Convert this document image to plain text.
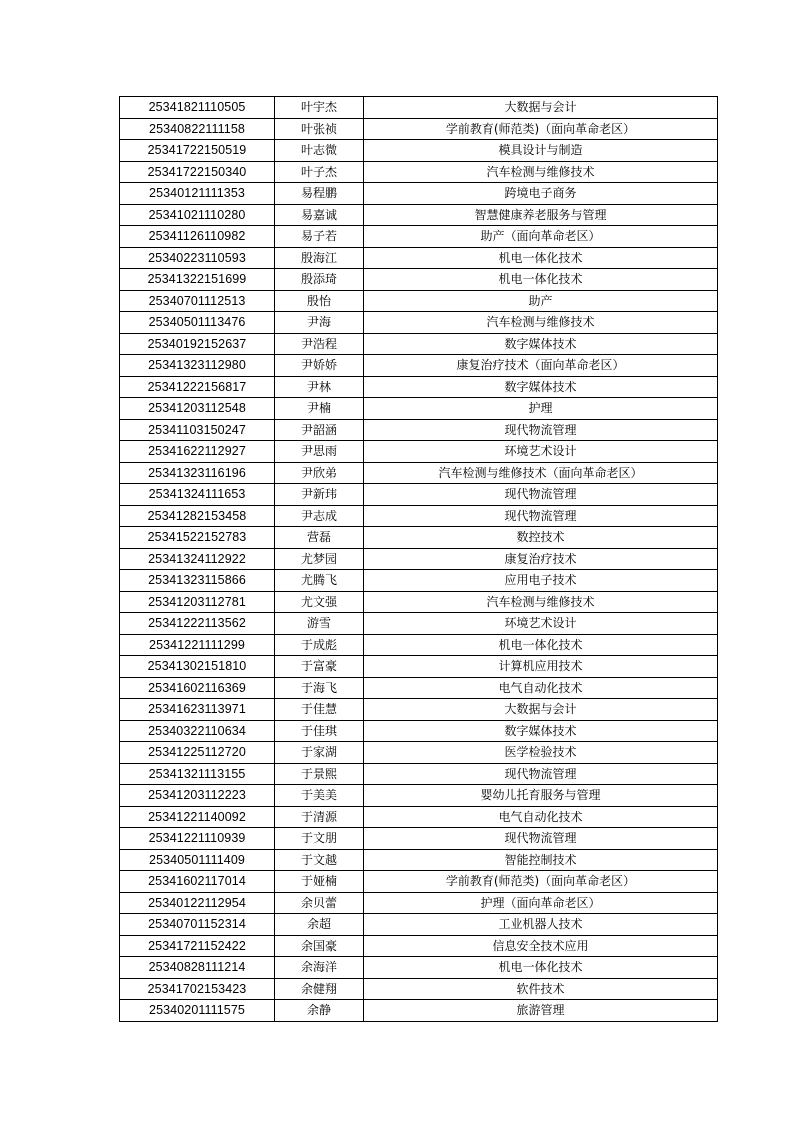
25341821110505	叶宇杰	大数据与会计
25340822111158	叶张祯	学前教育(师范类)（面向革命老区）
25341722150519	叶志微	模具设计与制造
25341722150340	叶子杰	汽车检测与维修技术
25340121111353	易程鹏	跨境电子商务
25341021110280	易嘉诚	智慧健康养老服务与管理
25341126110982	易子若	助产（面向革命老区）
25340223110593	殷海江	机电一体化技术
25341322151699	殷添琦	机电一体化技术
25340701112513	殷怡	助产
25340501113476	尹海	汽车检测与维修技术
25340192152637	尹浩程	数字媒体技术
25341323112980	尹娇娇	康复治疗技术（面向革命老区）
25341222156817	尹林	数字媒体技术
25341203112548	尹楠	护理
25341103150247	尹韶涵	现代物流管理
25341622112927	尹思雨	环境艺术设计
25341323116196	尹欣弟	汽车检测与维修技术（面向革命老区）
25341324111653	尹新玮	现代物流管理
25341282153458	尹志成	现代物流管理
25341522152783	营磊	数控技术
25341324112922	尤梦园	康复治疗技术
25341323115866	尤腾飞	应用电子技术
25341203112781	尤文强	汽车检测与维修技术
25341222113562	游雪	环境艺术设计
25341221111299	于成彪	机电一体化技术
25341302151810	于富豪	计算机应用技术
25341602116369	于海飞	电气自动化技术
25341623113971	于佳慧	大数据与会计
25340322110634	于佳琪	数字媒体技术
25341225112720	于家湖	医学检验技术
25341321113155	于景熙	现代物流管理
25341203112223	于美美	婴幼儿托育服务与管理
25341221140092	于清源	电气自动化技术
25341221110939	于文朋	现代物流管理
25340501111409	于文越	智能控制技术
25341602117014	于娅楠	学前教育(师范类)（面向革命老区）
25340122112954	余贝蕾	护理（面向革命老区）
25340701152314	余超	工业机器人技术
25341721152422	余国豪	信息安全技术应用
25340828111214	余海洋	机电一体化技术
25341702153423	余健翔	软件技术
25340201111575	余静	旅游管理
